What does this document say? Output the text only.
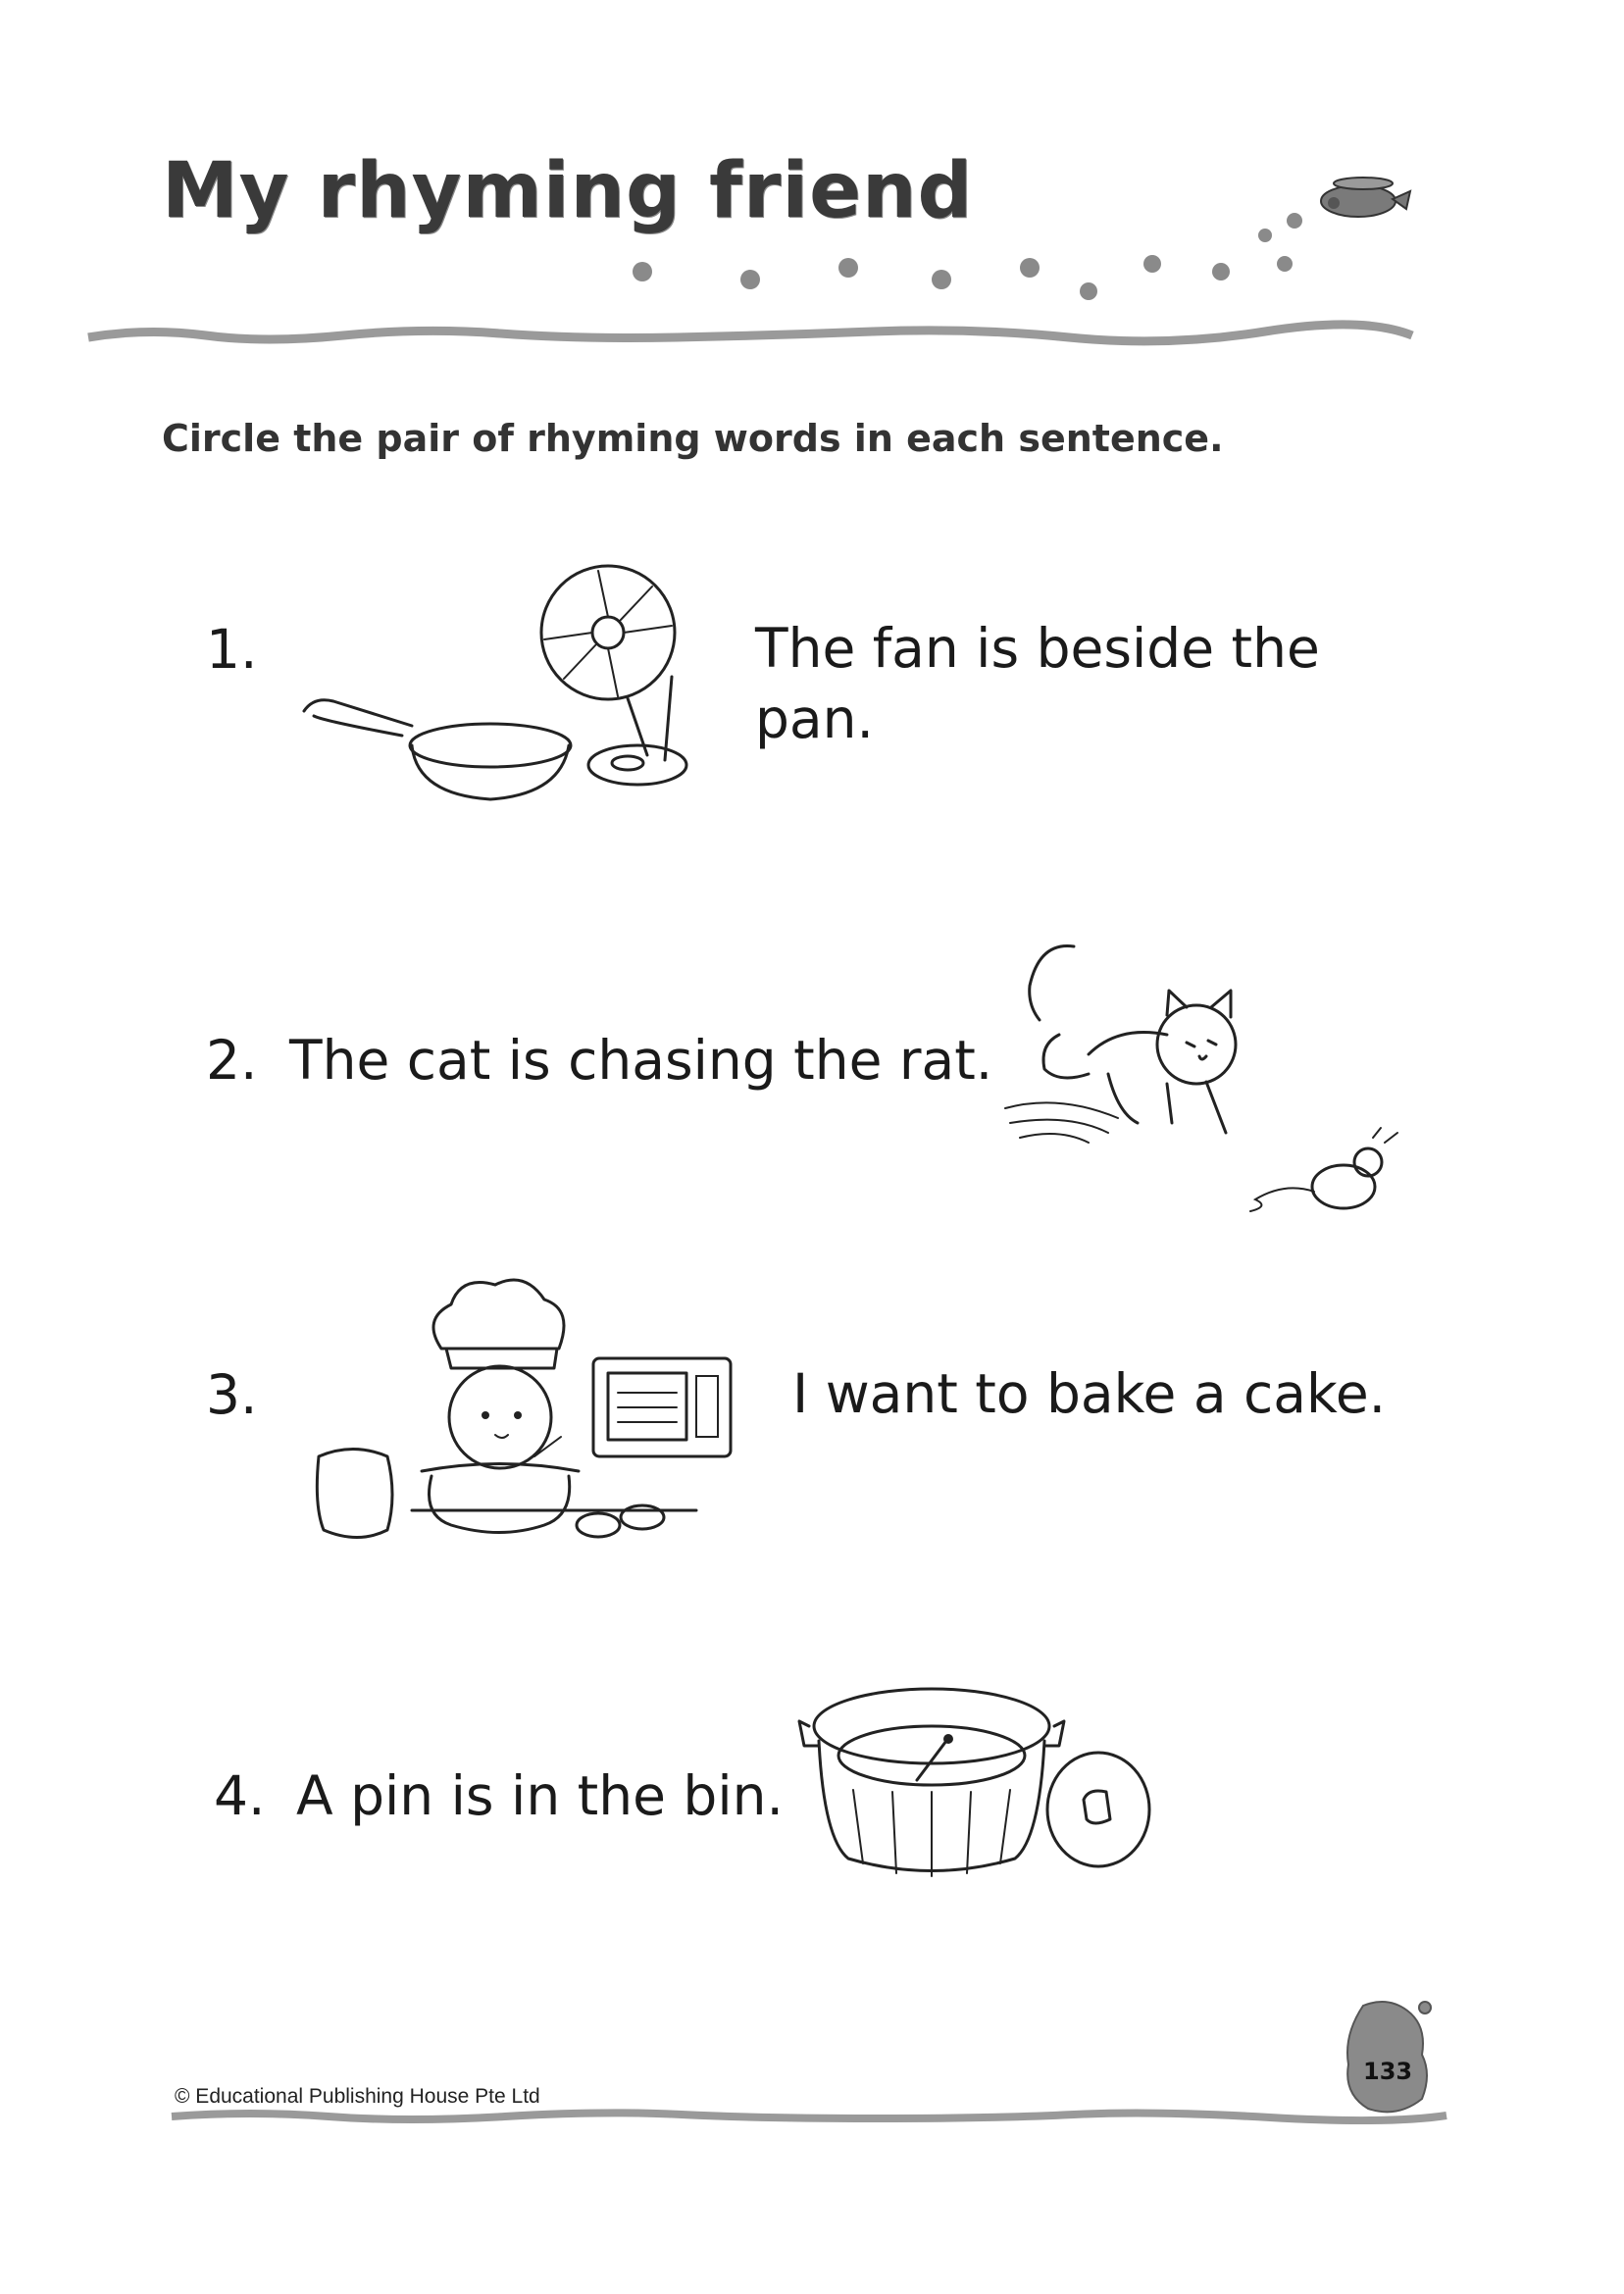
My rhyming friend
Circle the pair of rhyming words in each sentence.
1.	The fan is beside the pan.
2. The cat is chasing the rat.
3.	I want to bake a cake.
4. A pin is in the bin.
133
© Educational Publishing House Pte Ltd
